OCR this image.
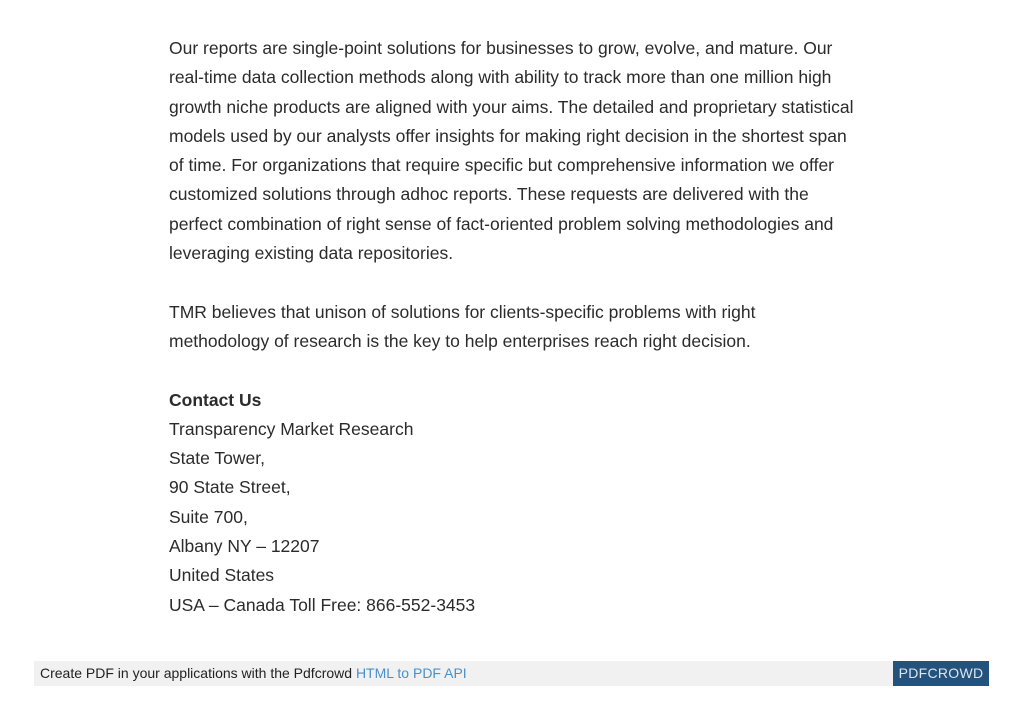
Our reports are single-point solutions for businesses to grow, evolve, and mature. Our real-time data collection methods along with ability to track more than one million high growth niche products are aligned with your aims. The detailed and proprietary statistical models used by our analysts offer insights for making right decision in the shortest span of time. For organizations that require specific but comprehensive information we offer customized solutions through adhoc reports. These requests are delivered with the perfect combination of right sense of fact-oriented problem solving methodologies and leveraging existing data repositories.

TMR believes that unison of solutions for clients-specific problems with right methodology of research is the key to help enterprises reach right decision.

Contact Us

Transparency Market Research

State Tower,

90 State Street,

Suite 700,

Albany NY – 12207

United States

USA – Canada Toll Free: 866-552-3453

Create PDF in your applications with the Pdfcrowd HTML to PDF API	PDFCROWD
